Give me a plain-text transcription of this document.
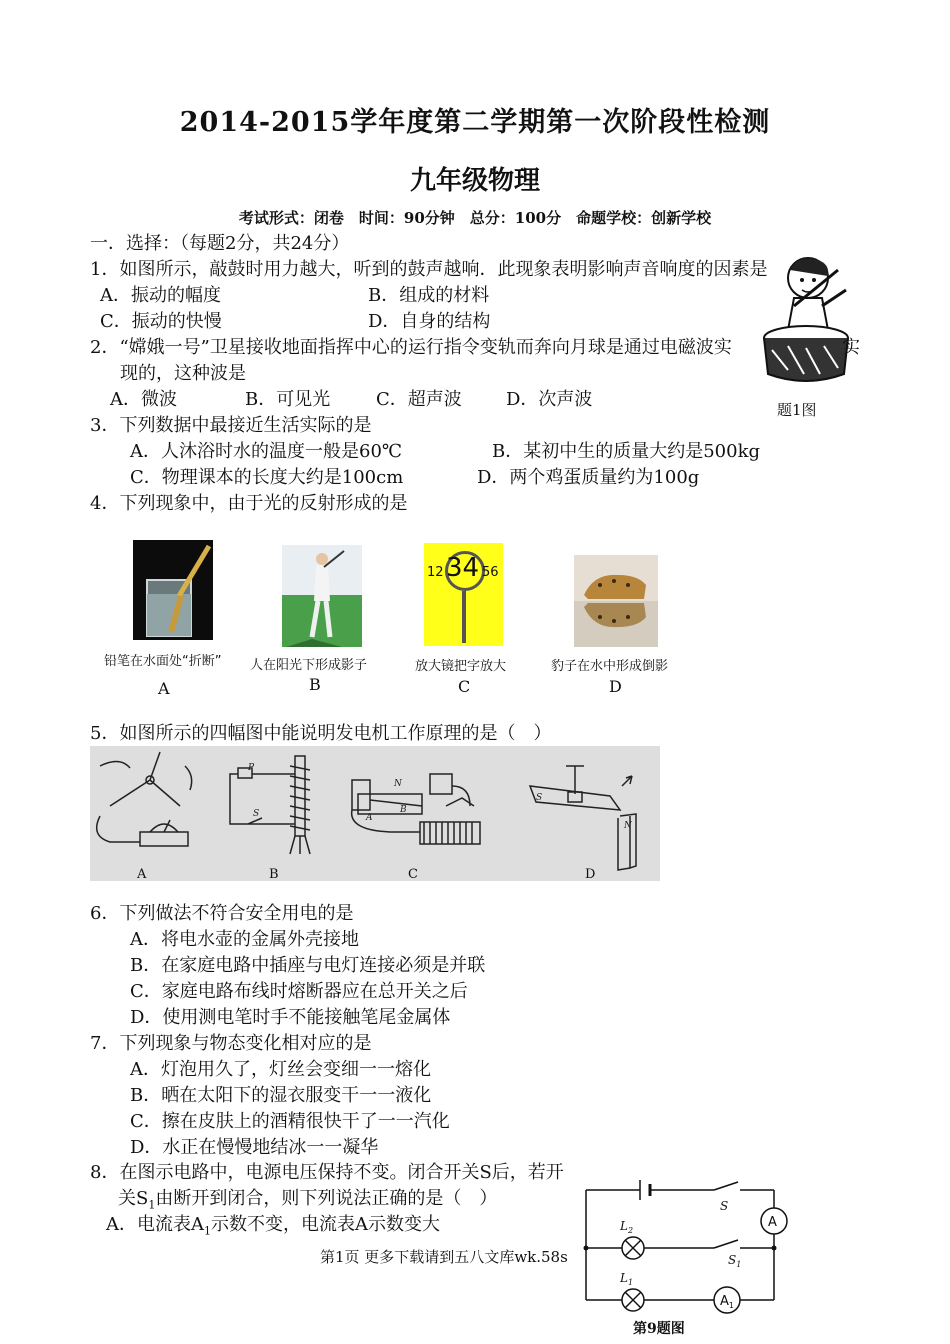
2014-2015学年度第二学期第一次阶段性检测
九年级物理
考试形式：闭卷　时间：90分钟　总分：100分　命题学校：创新学校
一．选择：（每题2分，共24分）
1．如图所示，敲鼓时用力越大，听到的鼓声越响．此现象表明影响声音响度的因素是
A．振动的幅度	B．组成的材料
C．振动的快慢	D．自身的结构
题1图
2．“嫦娥一号”卫星接收地面指挥中心的运行指令变轨而奔向月球是通过电磁波实	实
现的，这种波是
A．微波	B．可见光	C．超声波 D．次声波
3．下列数据中最接近生活实际的是
A．人沐浴时水的温度一般是60℃	B．某初中生的质量大约是500kg
C．物理课本的长度大约是100cm	D．两个鸡蛋质量约为100g
4．下列现象中，由于光的反射形成的是
铅笔在水面处“折断”
A
人在阳光下形成影子
B
12 34 56
放大镜把字放大
C
豹子在水中形成倒影
D
5．如图所示的四幅图中能说明发电机工作原理的是（　）
P
S
N
A
B
S
N
A	B	C	D
6．下列做法不符合安全用电的是
A．将电水壶的金属外壳接地
B．在家庭电路中插座与电灯连接必须是并联
C．家庭电路布线时熔断器应在总开关之后
D．使用测电笔时手不能接触笔尾金属体
7．下列现象与物态变化相对应的是
A．灯泡用久了，灯丝会变细一一熔化
B．晒在太阳下的湿衣服变干一一液化
C．擦在皮肤上的酒精很快干了一一汽化
D．水正在慢慢地结冰一一凝华
8．在图示电路中，电源电压保持不变。闭合开关S后，若开
关$S_1$由断开到闭合，则下列说法正确的是（　）
A．电流表$A_1$示数不变，电流表A示数变大
S
$S_1$
$L_2$
$L_1$
A
$A_1$
第1页 更多下载请到五八文库wk.58s
第9题图
